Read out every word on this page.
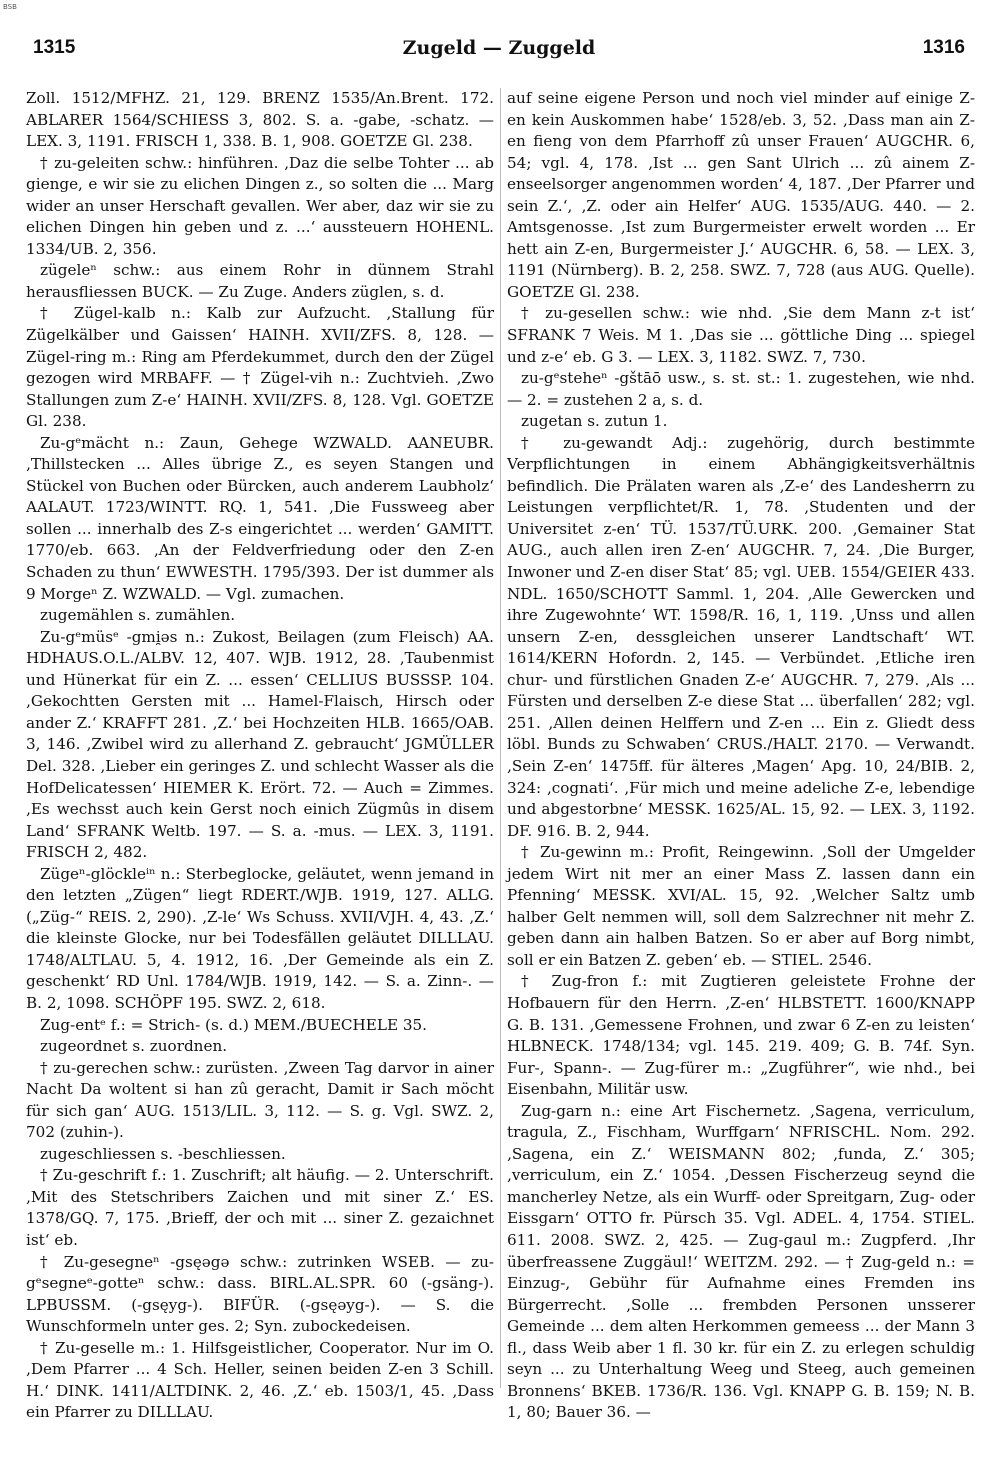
BSB
1315	Zugeld — Zuggeld	1316

Zoll. 1512/MFHZ. 21, 129. BRENZ 1535/An.Brent. 172. ABLARER 1564/SCHIESS 3, 802. S. a. -gabe, -schatz. — LEX. 3, 1191. FRISCH 1, 338. B. 1, 908. GOETZE Gl. 238.

† zu-geleiten schw.: hinführen. ‚Daz die selbe Tohter ... ab gienge, e wir sie zu elichen Dingen z., so solten die ... Marg wider an unser Herschaft gevallen. Wer aber, daz wir sie zu elichen Dingen hin geben und z. ...‘ aussteuern HOHENL. 1334/UB. 2, 356.

zügeleⁿ schw.: aus einem Rohr in dünnem Strahl herausfliessen BUCK. — Zu Zuge. Anders züglen, s. d.

† Zügel-kalb n.: Kalb zur Aufzucht. ‚Stallung für Zügelkälber und Gaissen‘ HAINH. XVII/ZFS. 8, 128. — Zügel-ring m.: Ring am Pferdekummet, durch den der Zügel gezogen wird MRBAFF. — † Zügel-vih n.: Zuchtvieh. ‚Zwo Stallungen zum Z-e‘ HAINH. XVII/ZFS. 8, 128. Vgl. GOETZE Gl. 238.

Zu-gᵉmächt n.: Zaun, Gehege WZWALD. AANEUBR. ‚Thillstecken ... Alles übrige Z., es seyen Stangen und Stückel von Buchen oder Bürcken, auch anderem Laubholz‘ AALAUT. 1723/WINTT. RQ. 1, 541. ‚Die Fussweeg aber sollen ... innerhalb des Z-s eingerichtet ... werden‘ GAMITT. 1770/eb. 663. ‚An der Feldverfriedung oder den Z-en Schaden zu thun‘ EWWESTH. 1795/393. Der ist dummer als 9 Morgeⁿ Z. WZWALD. — Vgl. zumachen.

zugemählen s. zumählen.

Zu-gᵉmüsᵉ -gmi̯əs n.: Zukost, Beilagen (zum Fleisch) AA. HDHAUS.O.L./ALBV. 12, 407. WJB. 1912, 28. ‚Taubenmist und Hünerkat für ein Z. ... essen‘ CELLIUS BUSSSP. 104. ‚Gekochtten Gersten mit ... Hamel-Flaisch, Hirsch oder ander Z.‘ KRAFFT 281. ‚Z.‘ bei Hochzeiten HLB. 1665/OAB. 3, 146. ‚Zwibel wird zu allerhand Z. gebraucht‘ JGMÜLLER Del. 328. ‚Lieber ein geringes Z. und schlecht Wasser als die HofDelicatessen‘ HIEMER K. Erört. 72. — Auch = Zimmes. ‚Es wechsst auch kein Gerst noch einich Zügmûs in disem Land‘ SFRANK Weltb. 197. — S. a. -mus. — LEX. 3, 1191. FRISCH 2, 482.

Zügeⁿ-glöckleⁱⁿ n.: Sterbeglocke, geläutet, wenn jemand in den letzten „Zügen“ liegt RDERT./WJB. 1919, 127. ALLG. („Züg-“ REIS. 2, 290). ‚Z-le‘ Ws Schuss. XVII/VJH. 4, 43. ‚Z.‘ die kleinste Glocke, nur bei Todesfällen geläutet DILLLAU. 1748/ALTLAU. 5, 4. 1912, 16. ‚Der Gemeinde als ein Z. geschenkt‘ RD Unl. 1784/WJB. 1919, 142. — S. a. Zinn-. — B. 2, 1098. SCHÖPF 195. SWZ. 2, 618.

Zug-entᵉ f.: = Strich- (s. d.) MEM./BUECHELE 35.

zugeordnet s. zuordnen.

† zu-gerechen schw.: zurüsten. ‚Zween Tag darvor in ainer Nacht Da woltent si han zû geracht, Damit ir Sach möcht für sich gan‘ AUG. 1513/LIL. 3, 112. — S. g. Vgl. SWZ. 2, 702 (zuhin-).

zugeschliessen s. -beschliessen.

† Zu-geschrift f.: 1. Zuschrift; alt häufig. — 2. Unterschrift. ‚Mit des Stetschribers Zaichen und mit siner Z.‘ ES. 1378/GQ. 7, 175. ‚Brieff, der och mit ... siner Z. gezaichnet ist‘ eb.

† Zu-gesegneⁿ -gsęəgə schw.: zutrinken WSEB. — zu-gᵉsegneᵉ-gotteⁿ schw.: dass. BIRL.AL.SPR. 60 (-gsäng-). LPBUSSM. (-gsęyg-). BIFÜR. (-gsęəyg-). — S. die Wunschformeln unter ges. 2; Syn. zubockedeisen.

† Zu-geselle m.: 1. Hilfsgeistlicher, Cooperator. Nur im O. ‚Dem Pfarrer ... 4 Sch. Heller, seinen beiden Z-en 3 Schill. H.‘ DINK. 1411/ALTDINK. 2, 46. ‚Z.‘ eb. 1503/1, 45. ‚Dass ein Pfarrer zu DILLLAU.

auf seine eigene Person und noch viel minder auf einige Z-en kein Auskommen habe‘ 1528/eb. 3, 52. ‚Dass man ain Z-en fieng von dem Pfarrhoff zû unser Frauen‘ AUGCHR. 6, 54; vgl. 4, 178. ‚Ist ... gen Sant Ulrich ... zû ainem Z-enseelsorger angenommen worden‘ 4, 187. ‚Der Pfarrer und sein Z.‘, ‚Z. oder ain Helfer‘ AUG. 1535/AUG. 440. — 2. Amtsgenosse. ‚Ist zum Burgermeister erwelt worden ... Er hett ain Z-en, Burgermeister J.‘ AUGCHR. 6, 58. — LEX. 3, 1191 (Nürnberg). B. 2, 258. SWZ. 7, 728 (aus AUG. Quelle). GOETZE Gl. 238.

† zu-gesellen schw.: wie nhd. ‚Sie dem Mann z-t ist‘ SFRANK 7 Weis. M 1. ‚Das sie ... göttliche Ding ... spiegel und z-e‘ eb. G 3. — LEX. 3, 1182. SWZ. 7, 730.

zu-gᵉsteheⁿ -gštāō usw., s. st. st.: 1. zugestehen, wie nhd. — 2. = zustehen 2 a, s. d.

zugetan s. zutun 1.

† zu-gewandt Adj.: zugehörig, durch bestimmte Verpflichtungen in einem Abhängigkeitsverhältnis befindlich. Die Prälaten waren als ‚Z-e‘ des Landesherrn zu Leistungen verpflichtet/R. 1, 78. ‚Studenten und der Universitet z-en‘ TÜ. 1537/TÜ.URK. 200. ‚Gemainer Stat AUG., auch allen iren Z-en‘ AUGCHR. 7, 24. ‚Die Burger, Inwoner und Z-en diser Stat‘ 85; vgl. UEB. 1554/GEIER 433. NDL. 1650/SCHOTT Samml. 1, 204. ‚Alle Gewercken und ihre Zugewohnte‘ WT. 1598/R. 16, 1, 119. ‚Unss und allen unsern Z-en, dessgleichen unserer Landtschaft‘ WT. 1614/KERN Hofordn. 2, 145. — Verbündet. ‚Etliche iren chur- und fürstlichen Gnaden Z-e‘ AUGCHR. 7, 279. ‚Als ... Fürsten und derselben Z-e diese Stat ... überfallen‘ 282; vgl. 251. ‚Allen deinen Helffern und Z-en ... Ein z. Gliedt dess löbl. Bunds zu Schwaben‘ CRUS./HALT. 2170. — Verwandt. ‚Sein Z-en‘ 1475ff. für älteres ‚Magen‘ Apg. 10, 24/BIB. 2, 324: ‚cognati‘. ‚Für mich und meine adeliche Z-e, lebendige und abgestorbne‘ MESSK. 1625/AL. 15, 92. — LEX. 3, 1192. DF. 916. B. 2, 944.

† Zu-gewinn m.: Profit, Reingewinn. ‚Soll der Umgelder jedem Wirt nit mer an einer Mass Z. lassen dann ein Pfenning‘ MESSK. XVI/AL. 15, 92. ‚Welcher Saltz umb halber Gelt nemmen will, soll dem Salzrechner nit mehr Z. geben dann ain halben Batzen. So er aber auf Borg nimbt, soll er ein Batzen Z. geben‘ eb. — STIEL. 2546.

† Zug-fron f.: mit Zugtieren geleistete Frohne der Hofbauern für den Herrn. ‚Z-en‘ HLBSTETT. 1600/KNAPP G. B. 131. ‚Gemessene Frohnen, und zwar 6 Z-en zu leisten‘ HLBNECK. 1748/134; vgl. 145. 219. 409; G. B. 74f. Syn. Fur-, Spann-. — Zug-fürer m.: „Zugführer“, wie nhd., bei Eisenbahn, Militär usw.

Zug-garn n.: eine Art Fischernetz. ‚Sagena, verriculum, tragula, Z., Fischham, Wurffgarn‘ NFRISCHL. Nom. 292. ‚Sagena, ein Z.‘ WEISMANN 802; ‚funda, Z.‘ 305; ‚verriculum, ein Z.‘ 1054. ‚Dessen Fischerzeug seynd die mancherley Netze, als ein Wurff- oder Spreitgarn, Zug- oder Eissgarn‘ OTTO fr. Pürsch 35. Vgl. ADEL. 4, 1754. STIEL. 611. 2008. SWZ. 2, 425. — Zug-gaul m.: Zugpferd. ‚Ihr überfreassene Zuggäul!‘ WEITZM. 292. — † Zug-geld n.: = Einzug-, Gebühr für Aufnahme eines Fremden ins Bürgerrecht. ‚Solle ... frembden Personen unsserer Gemeinde ... dem alten Herkommen gemeess ... der Mann 3 fl., dass Weib aber 1 fl. 30 kr. für ein Z. zu erlegen schuldig seyn ... zu Unterhaltung Weeg und Steeg, auch gemeinen Bronnens‘ BKEB. 1736/R. 136. Vgl. KNAPP G. B. 159; N. B. 1, 80; Bauer 36. —
